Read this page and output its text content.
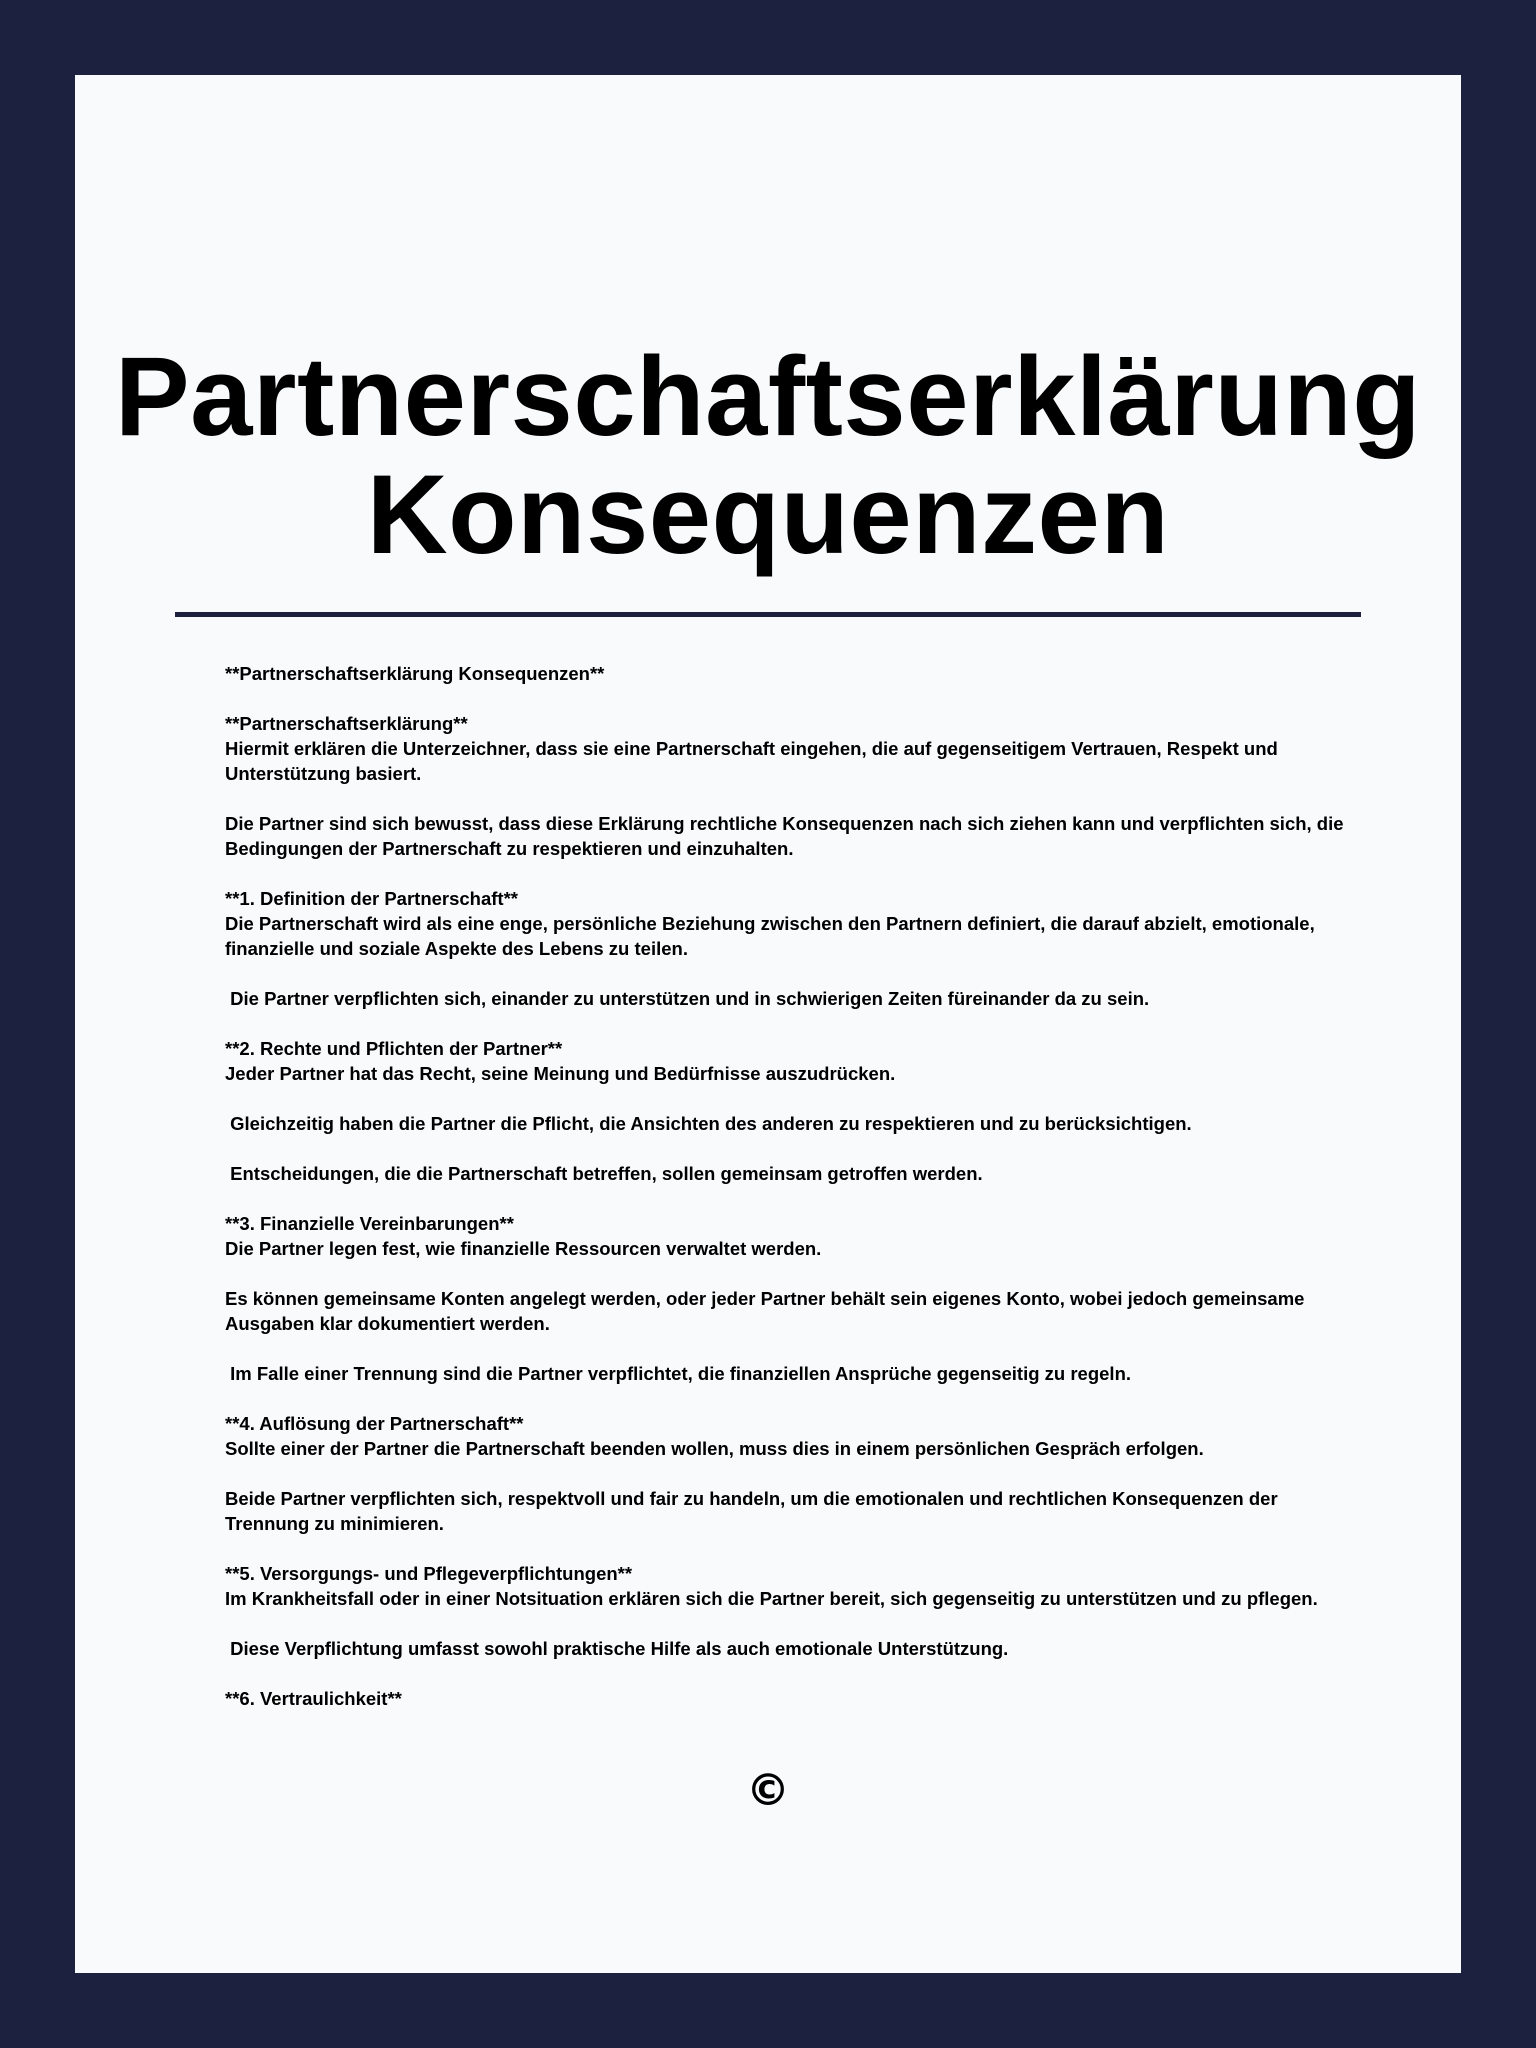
Partnerschaftserklärung
Konsequenzen

**Partnerschaftserklärung Konsequenzen**

**Partnerschaftserklärung**
Hiermit erklären die Unterzeichner, dass sie eine Partnerschaft eingehen, die auf gegenseitigem Vertrauen, Respekt und Unterstützung basiert.

Die Partner sind sich bewusst, dass diese Erklärung rechtliche Konsequenzen nach sich ziehen kann und verpflichten sich, die Bedingungen der Partnerschaft zu respektieren und einzuhalten.

**1. Definition der Partnerschaft**
Die Partnerschaft wird als eine enge, persönliche Beziehung zwischen den Partnern definiert, die darauf abzielt, emotionale, finanzielle und soziale Aspekte des Lebens zu teilen.

Die Partner verpflichten sich, einander zu unterstützen und in schwierigen Zeiten füreinander da zu sein.

**2. Rechte und Pflichten der Partner**
Jeder Partner hat das Recht, seine Meinung und Bedürfnisse auszudrücken.

Gleichzeitig haben die Partner die Pflicht, die Ansichten des anderen zu respektieren und zu berücksichtigen.

Entscheidungen, die die Partnerschaft betreffen, sollen gemeinsam getroffen werden.

**3. Finanzielle Vereinbarungen**
Die Partner legen fest, wie finanzielle Ressourcen verwaltet werden.

Es können gemeinsame Konten angelegt werden, oder jeder Partner behält sein eigenes Konto, wobei jedoch gemeinsame Ausgaben klar dokumentiert werden.

Im Falle einer Trennung sind die Partner verpflichtet, die finanziellen Ansprüche gegenseitig zu regeln.

**4. Auflösung der Partnerschaft**
Sollte einer der Partner die Partnerschaft beenden wollen, muss dies in einem persönlichen Gespräch erfolgen.

Beide Partner verpflichten sich, respektvoll und fair zu handeln, um die emotionalen und rechtlichen Konsequenzen der Trennung zu minimieren.

**5. Versorgungs- und Pflegeverpflichtungen**
Im Krankheitsfall oder in einer Notsituation erklären sich die Partner bereit, sich gegenseitig zu unterstützen und zu pflegen.

Diese Verpflichtung umfasst sowohl praktische Hilfe als auch emotionale Unterstützung.

**6. Vertraulichkeit**

©
